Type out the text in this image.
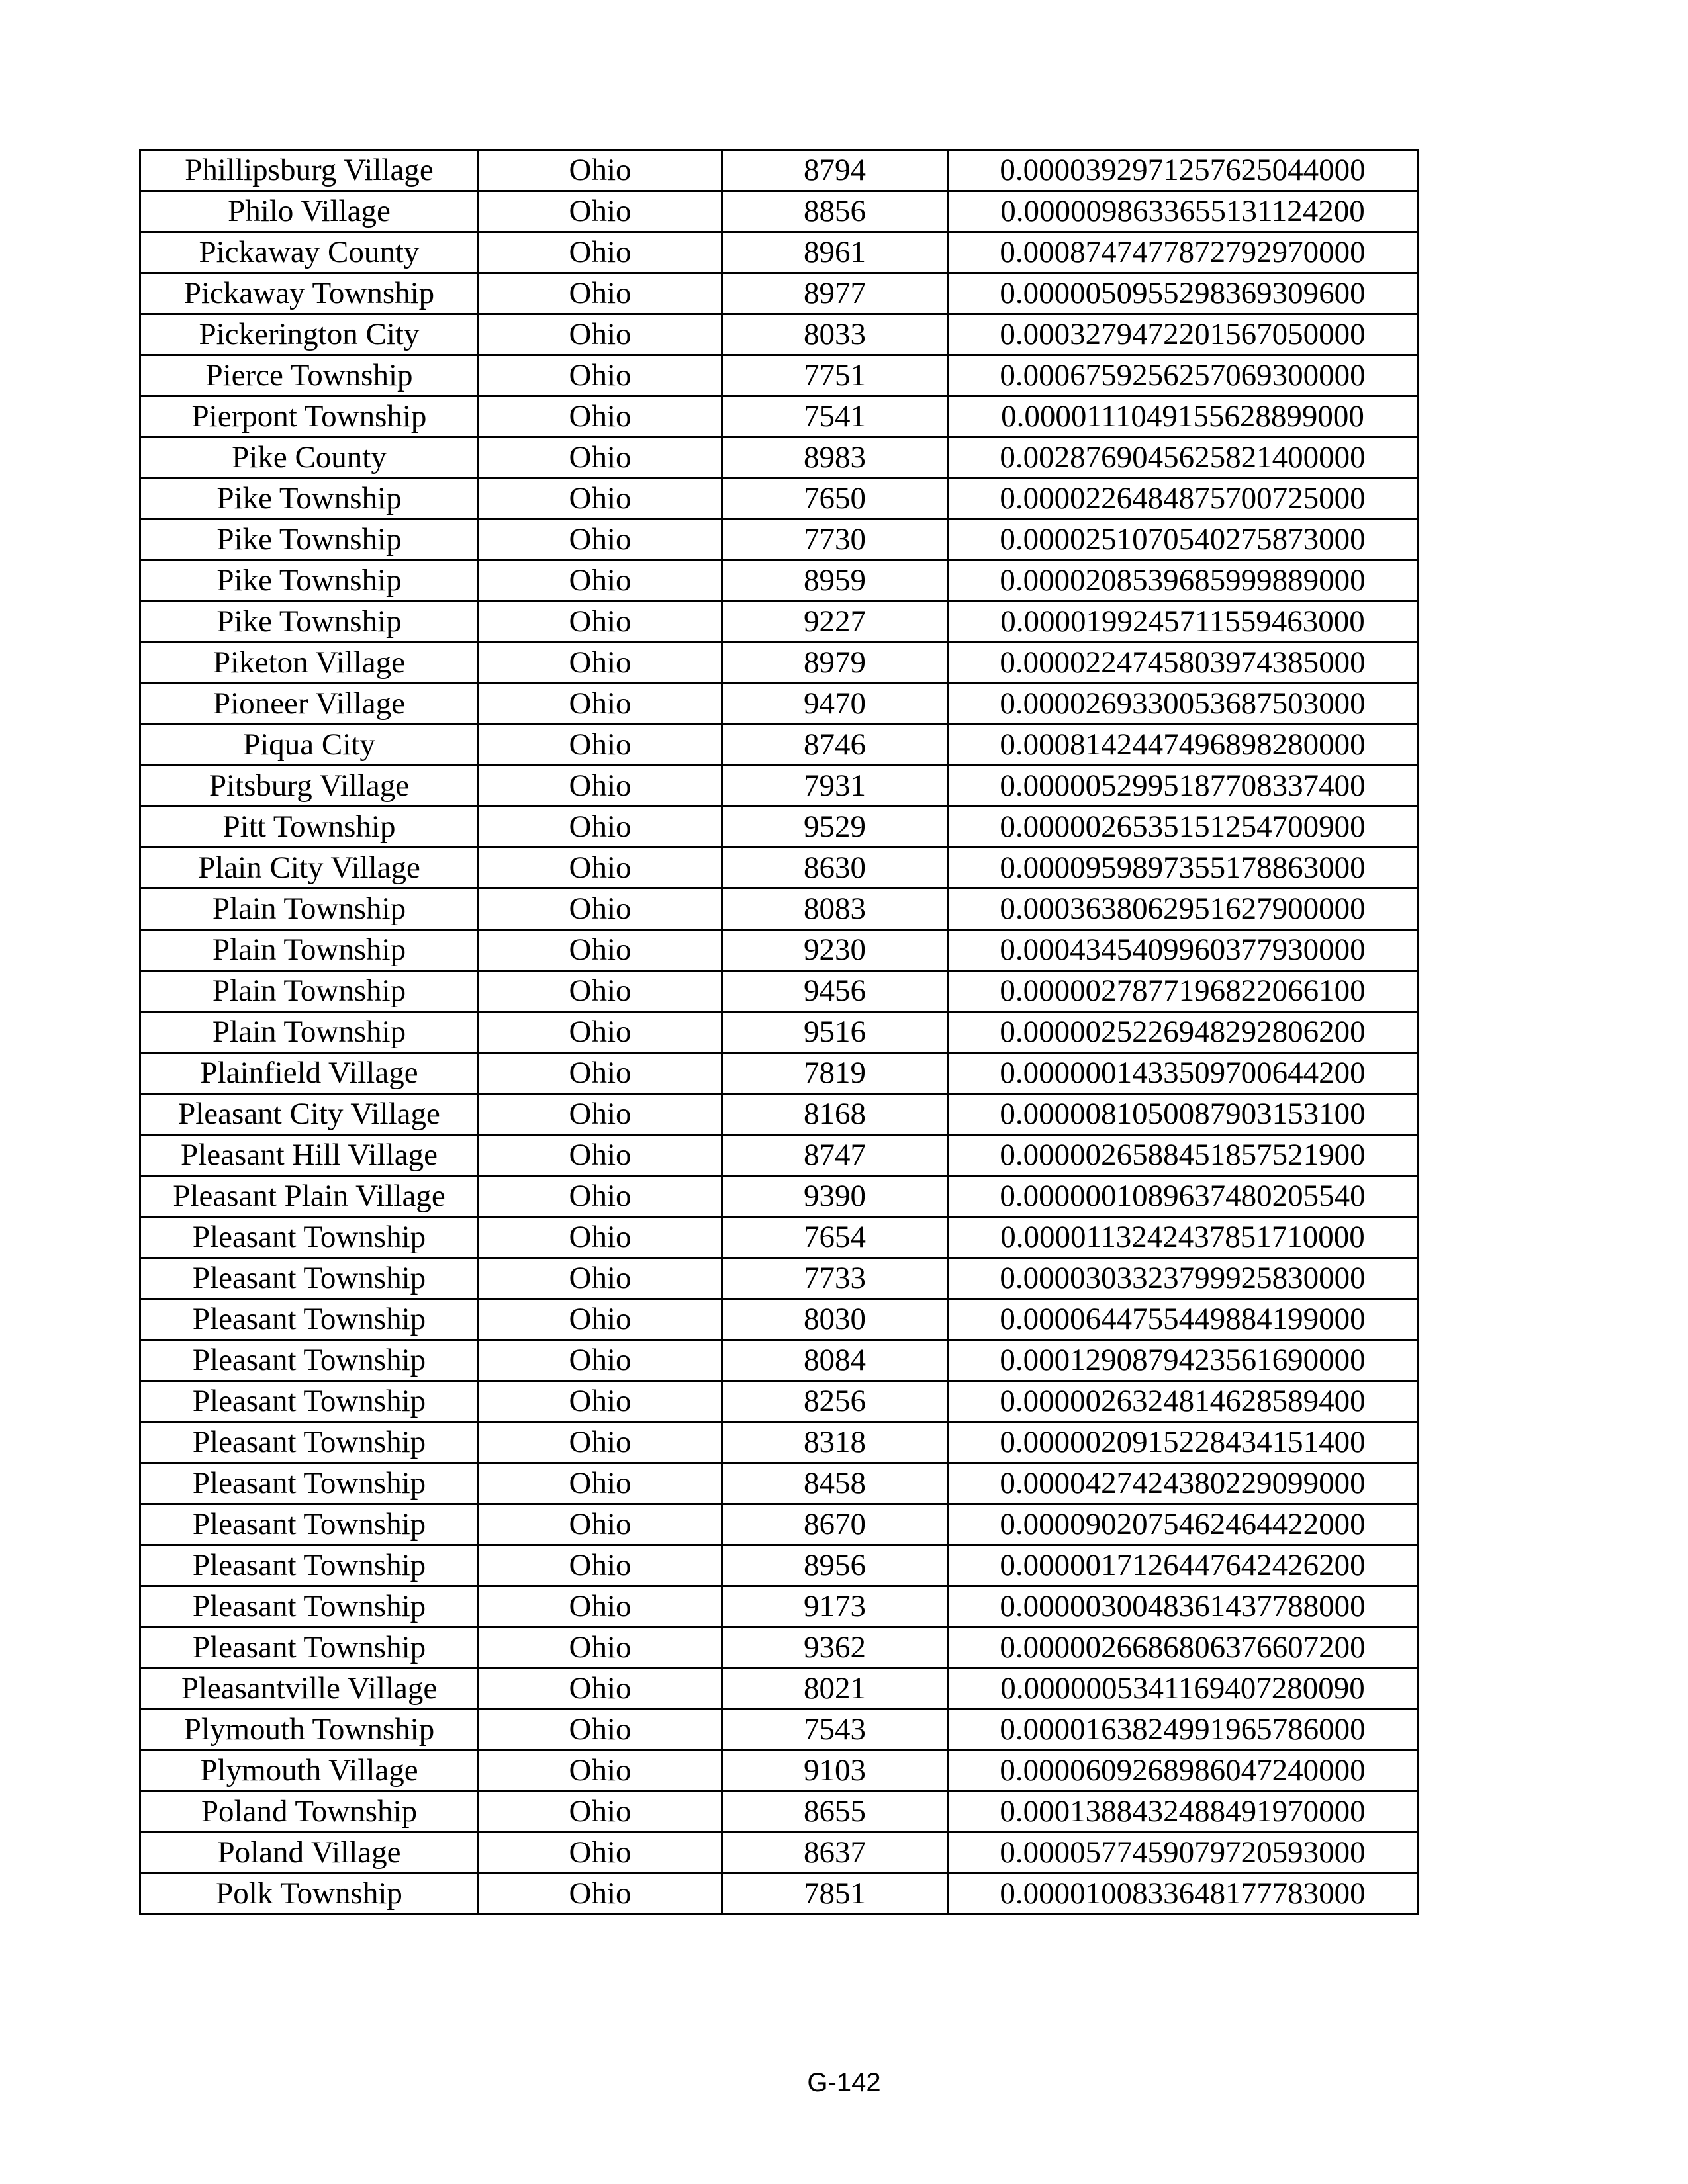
Phillipsburg Village	Ohio	8794	0.0000392971257625044000
Philo Village	Ohio	8856	0.0000098633655131124200
Pickaway County	Ohio	8961	0.0008747477872792970000
Pickaway Township	Ohio	8977	0.0000050955298369309600
Pickerington City	Ohio	8033	0.0003279472201567050000
Pierce Township	Ohio	7751	0.0006759256257069300000
Pierpont Township	Ohio	7541	0.0000111049155628899000
Pike County	Ohio	8983	0.0028769045625821400000
Pike Township	Ohio	7650	0.0000226484875700725000
Pike Township	Ohio	7730	0.0000251070540275873000
Pike Township	Ohio	8959	0.0000208539685999889000
Pike Township	Ohio	9227	0.0000199245711559463000
Piketon Village	Ohio	8979	0.0000224745803974385000
Pioneer Village	Ohio	9470	0.0000269330053687503000
Piqua City	Ohio	8746	0.0008142447496898280000
Pitsburg Village	Ohio	7931	0.0000052995187708337400
Pitt Township	Ohio	9529	0.0000026535151254700900
Plain City Village	Ohio	8630	0.0000959897355178863000
Plain Township	Ohio	8083	0.0003638062951627900000
Plain Township	Ohio	9230	0.0004345409960377930000
Plain Township	Ohio	9456	0.0000027877196822066100
Plain Township	Ohio	9516	0.0000025226948292806200
Plainfield Village	Ohio	7819	0.0000001433509700644200
Pleasant City Village	Ohio	8168	0.0000081050087903153100
Pleasant Hill Village	Ohio	8747	0.0000026588451857521900
Pleasant Plain Village	Ohio	9390	0.0000001089637480205540
Pleasant Township	Ohio	7654	0.0000113242437851710000
Pleasant Township	Ohio	7733	0.0000303323799925830000
Pleasant Township	Ohio	8030	0.0000644755449884199000
Pleasant Township	Ohio	8084	0.0001290879423561690000
Pleasant Township	Ohio	8256	0.0000026324814628589400
Pleasant Township	Ohio	8318	0.0000020915228434151400
Pleasant Township	Ohio	8458	0.0000427424380229099000
Pleasant Township	Ohio	8670	0.0000902075462464422000
Pleasant Township	Ohio	8956	0.0000017126447642426200
Pleasant Township	Ohio	9173	0.0000030048361437788000
Pleasant Township	Ohio	9362	0.0000026686806376607200
Pleasantville Village	Ohio	8021	0.0000005341169407280090
Plymouth Township	Ohio	7543	0.0000163824991965786000
Plymouth Village	Ohio	9103	0.0000609268986047240000
Poland Township	Ohio	8655	0.0001388432488491970000
Poland Village	Ohio	8637	0.0000577459079720593000
Polk Township	Ohio	7851	0.0000100833648177783000
G-142
